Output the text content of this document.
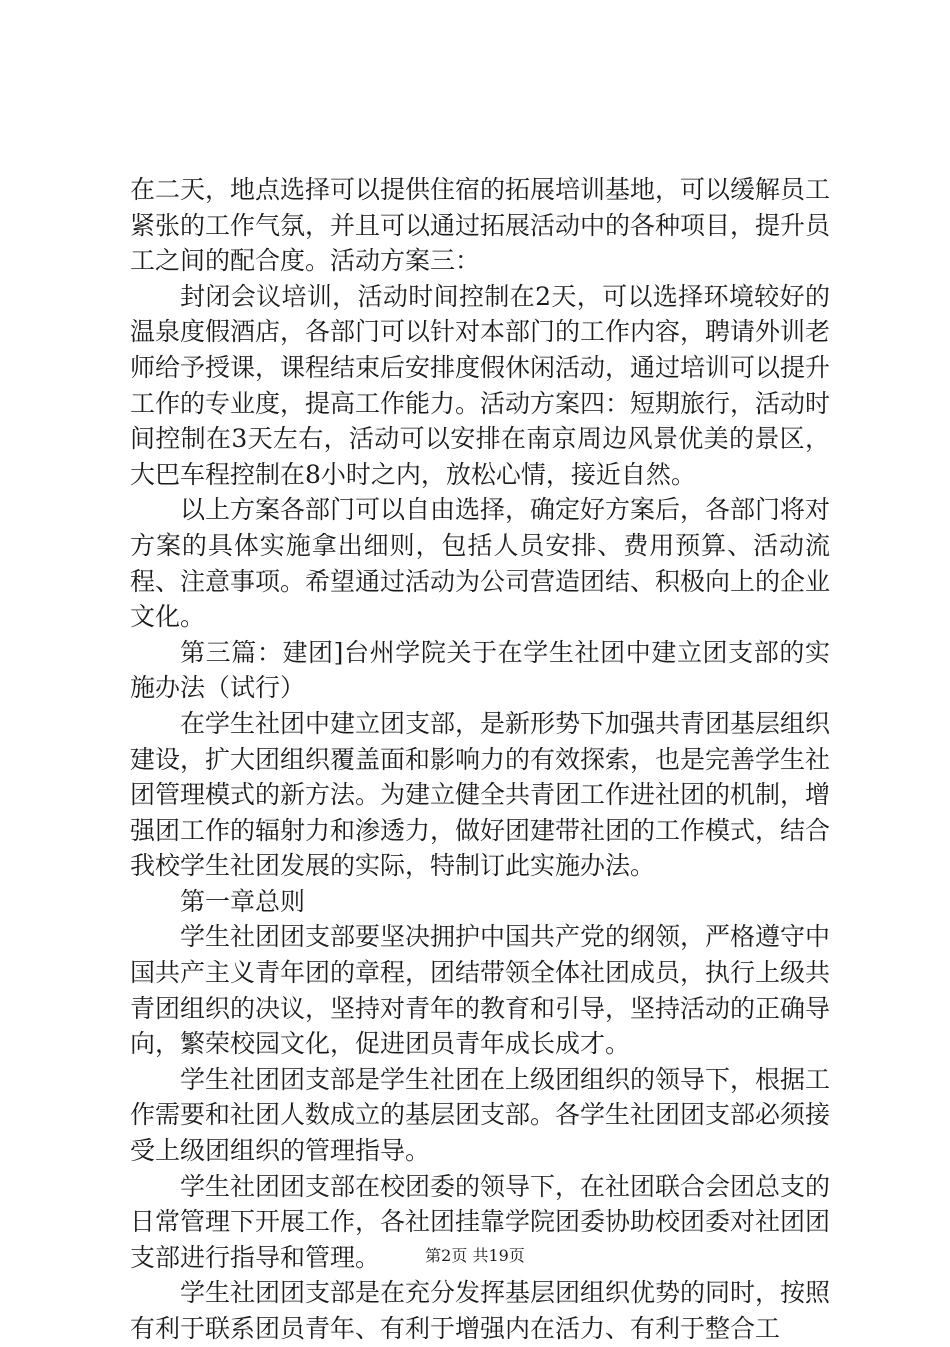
在二天，地点选择可以提供住宿的拓展培训基地，可以缓解员工紧张的工作气氛，并且可以通过拓展活动中的各种项目，提升员工之间的配合度。活动方案三：

封闭会议培训，活动时间控制在2天，可以选择环境较好的温泉度假酒店，各部门可以针对本部门的工作内容，聘请外训老师给予授课，课程结束后安排度假休闲活动，通过培训可以提升工作的专业度，提高工作能力。活动方案四：短期旅行，活动时间控制在3天左右，活动可以安排在南京周边风景优美的景区，大巴车程控制在8小时之内，放松心情，接近自然。

以上方案各部门可以自由选择，确定好方案后，各部门将对方案的具体实施拿出细则，包括人员安排、费用预算、活动流程、注意事项。希望通过活动为公司营造团结、积极向上的企业文化。

第三篇：建团]台州学院关于在学生社团中建立团支部的实施办法（试行）

在学生社团中建立团支部，是新形势下加强共青团基层组织建设，扩大团组织覆盖面和影响力的有效探索，也是完善学生社团管理模式的新方法。为建立健全共青团工作进社团的机制，增强团工作的辐射力和渗透力，做好团建带社团的工作模式，结合我校学生社团发展的实际，特制订此实施办法。

第一章总则

学生社团团支部要坚决拥护中国共产党的纲领，严格遵守中国共产主义青年团的章程，团结带领全体社团成员，执行上级共青团组织的决议，坚持对青年的教育和引导，坚持活动的正确导向，繁荣校园文化，促进团员青年成长成才。

学生社团团支部是学生社团在上级团组织的领导下，根据工作需要和社团人数成立的基层团支部。各学生社团团支部必须接受上级团组织的管理指导。

学生社团团支部在校团委的领导下，在社团联合会团总支的日常管理下开展工作，各社团挂靠学院团委协助校团委对社团团支部进行指导和管理。

学生社团团支部是在充分发挥基层团组织优势的同时，按照有利于联系团员青年、有利于增强内在活力、有利于整合工

第2页 共19页
